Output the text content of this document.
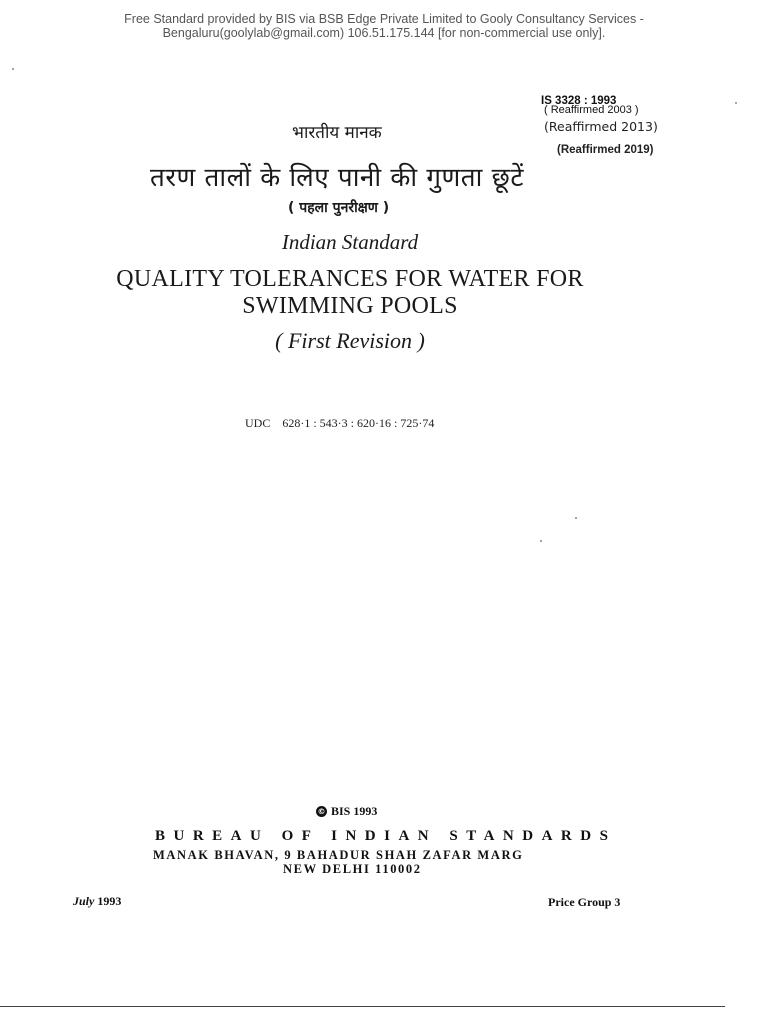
Free Standard provided by BIS via BSB Edge Private Limited to Gooly Consultancy Services -
Bengaluru(goolylab@gmail.com) 106.51.175.144 [for non-commercial use only].
IS 3328 : 1993
( Reaffirmed 2003 )
(Reaffirmed 2013)
(Reaffirmed 2019)
भारतीय मानक
तरण तालों के लिए पानी की गुणता छूटें
( पहला पुनरीक्षण )
Indian Standard
QUALITY TOLERANCES FOR WATER FOR
SWIMMING POOLS
( First Revision )
UDC 628·1 : 543·3 : 620·16 : 725·74
© BIS 1993
BUREAU OF INDIAN STANDARDS
MANAK BHAVAN, 9 BAHADUR SHAH ZAFAR MARG
NEW DELHI 110002
July 1993	Price Group 3
